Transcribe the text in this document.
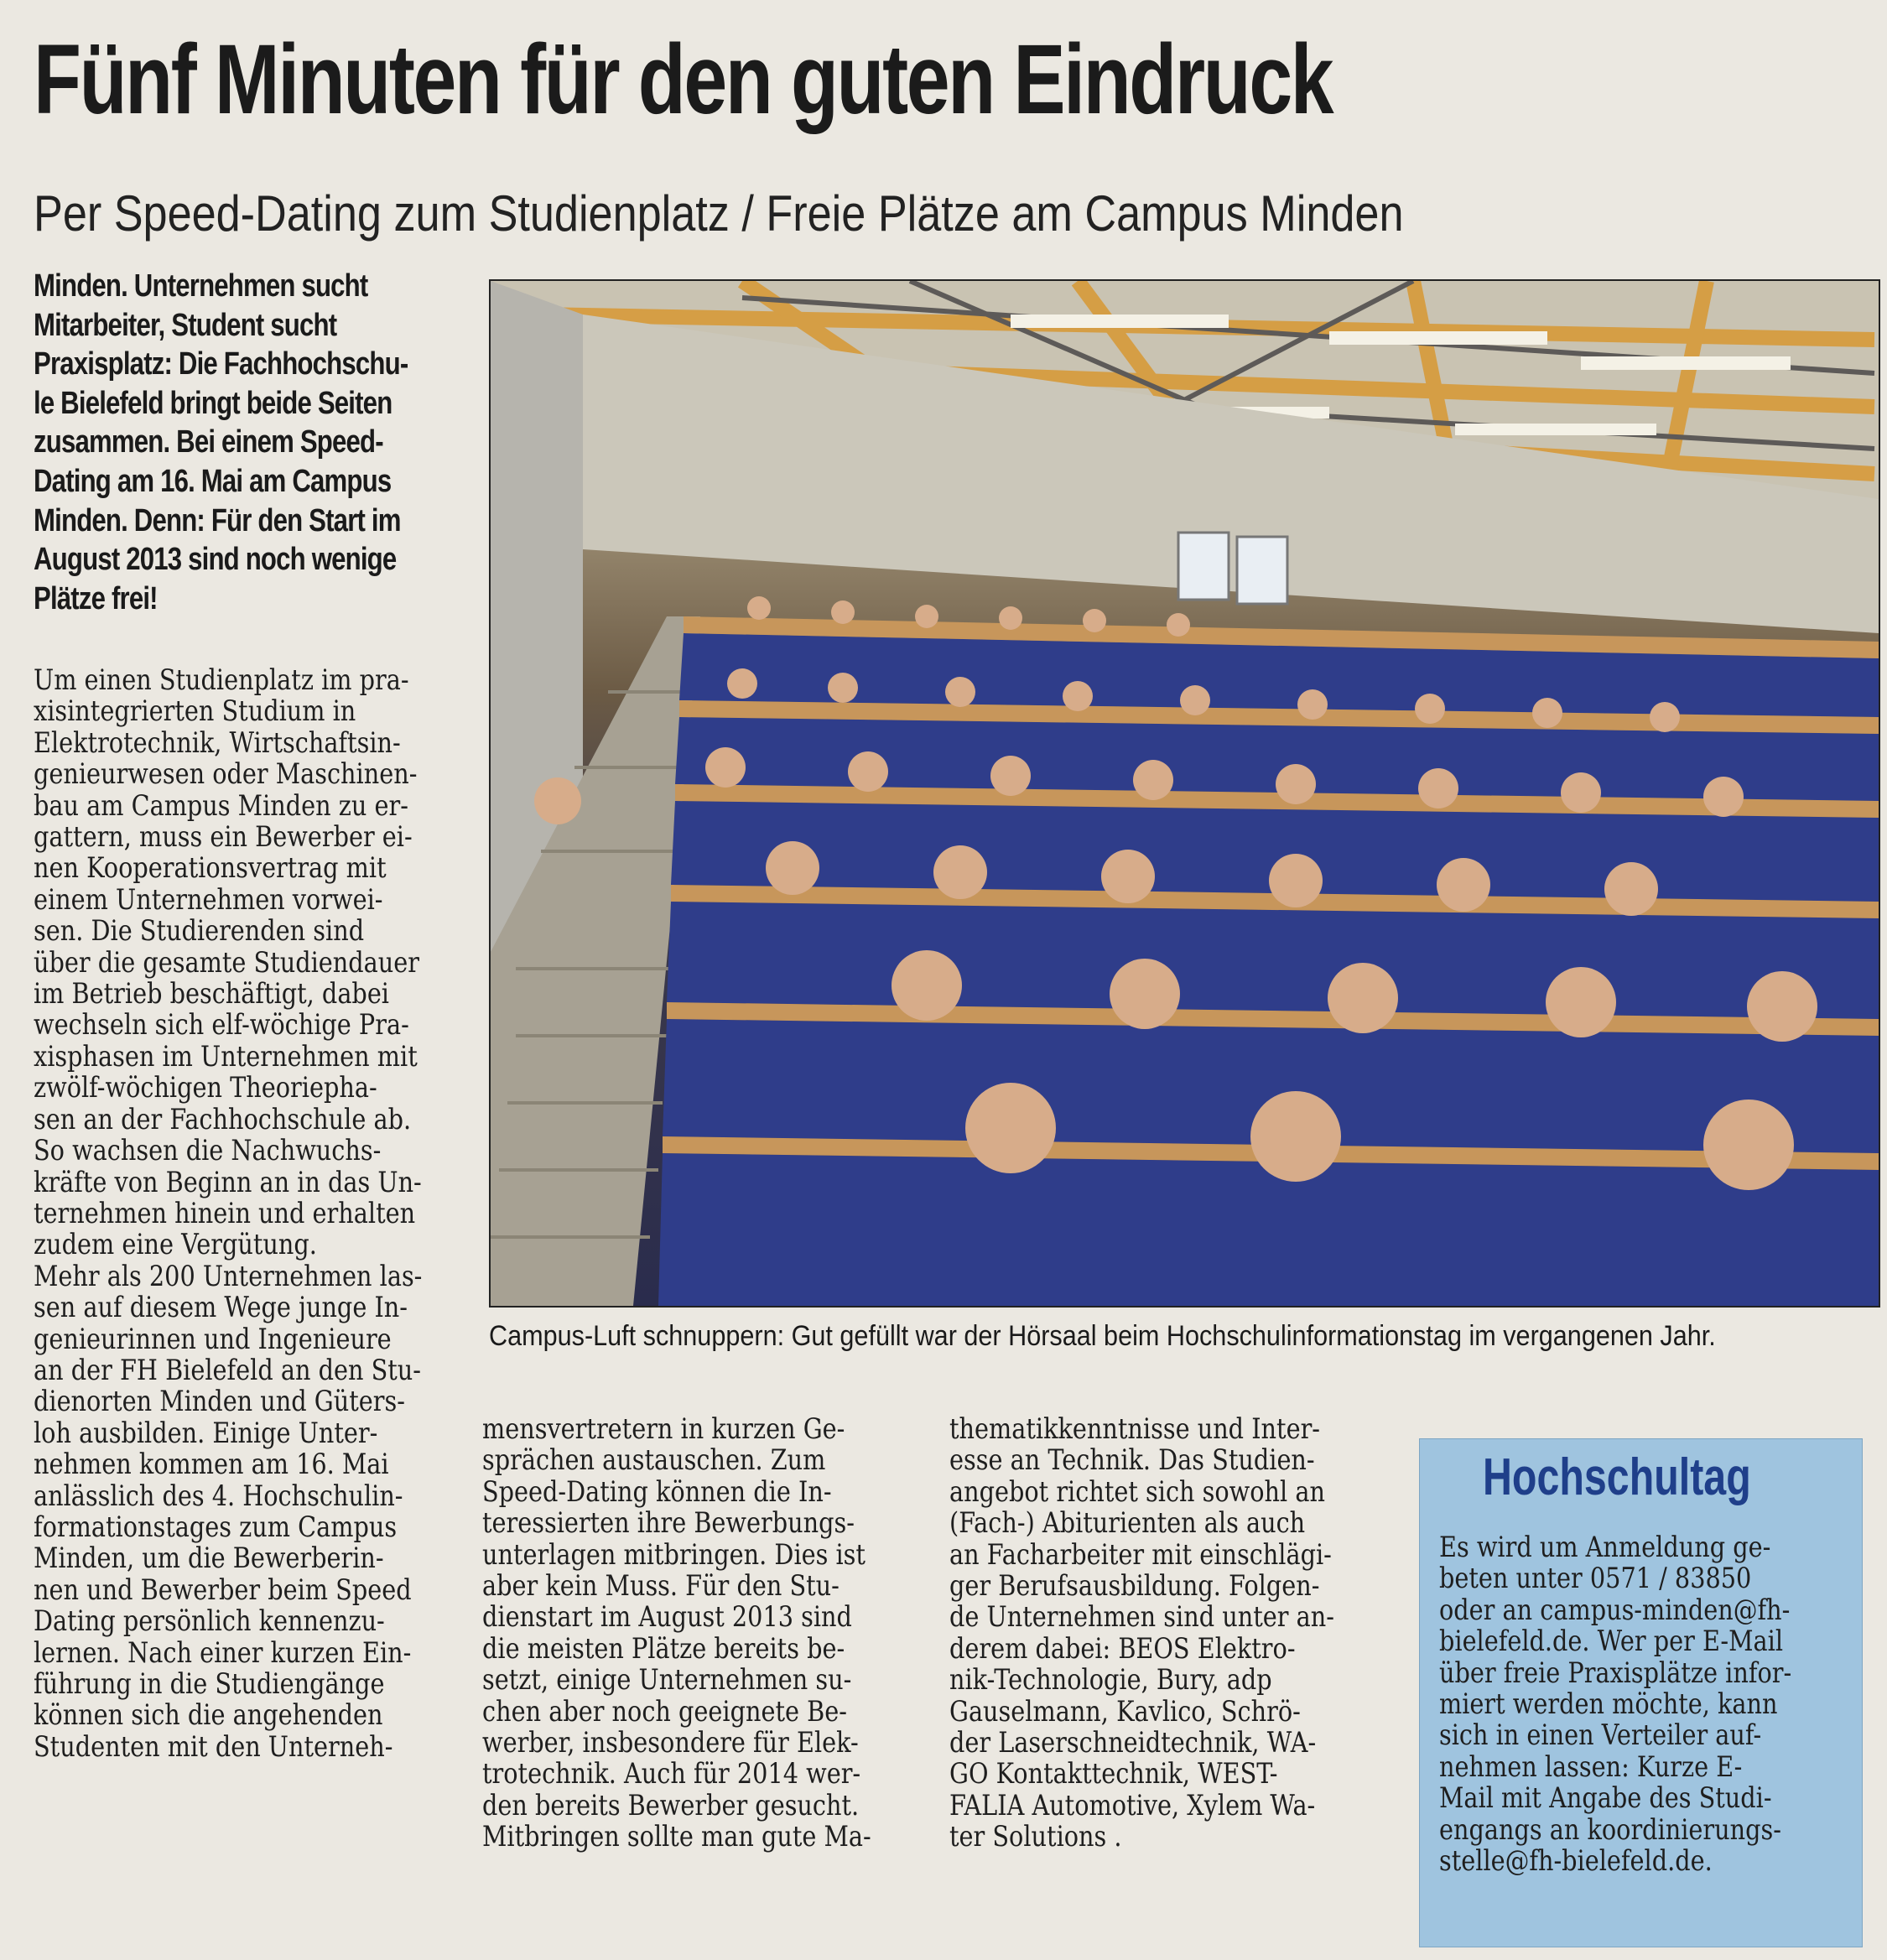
Fünf Minuten für den guten Eindruck
Per Speed-Dating zum Studienplatz / Freie Plätze am Campus Minden
Minden. Unternehmen sucht
Mitarbeiter, Student sucht
Praxisplatz: Die Fachhochschu-
le Bielefeld bringt beide Seiten
zusammen. Bei einem Speed-
Dating am 16. Mai am Campus
Minden. Denn: Für den Start im
August 2013 sind noch wenige
Plätze frei!
Um einen Studienplatz im pra-
xisintegrierten Studium in
Elektrotechnik, Wirtschaftsin-
genieurwesen oder Maschinen-
bau am Campus Minden zu er-
gattern, muss ein Bewerber ei-
nen Kooperationsvertrag mit
einem Unternehmen vorwei-
sen. Die Studierenden sind
über die gesamte Studiendauer
im Betrieb beschäftigt, dabei
wechseln sich elf-wöchige Pra-
xisphasen im Unternehmen mit
zwölf-wöchigen Theoriepha-
sen an der Fachhochschule ab.
So wachsen die Nachwuchs-
kräfte von Beginn an in das Un-
ternehmen hinein und erhalten
zudem eine Vergütung.
Mehr als 200 Unternehmen las-
sen auf diesem Wege junge In-
genieurinnen und Ingenieure
an der FH Bielefeld an den Stu-
dienorten Minden und Güters-
loh ausbilden. Einige Unter-
nehmen kommen am 16. Mai
anlässlich des 4. Hochschulin-
formationstages zum Campus
Minden, um die Bewerberin-
nen und Bewerber beim Speed
Dating persönlich kennenzu-
lernen. Nach einer kurzen Ein-
führung in die Studiengänge
können sich die angehenden
Studenten mit den Unterneh-
Campus-Luft schnuppern: Gut gefüllt war der Hörsaal beim Hochschulinformationstag im vergangenen Jahr.
mensvertretern in kurzen Ge-
sprächen austauschen. Zum
Speed-Dating können die In-
teressierten ihre Bewerbungs-
unterlagen mitbringen. Dies ist
aber kein Muss. Für den Stu-
dienstart im August 2013 sind
die meisten Plätze bereits be-
setzt, einige Unternehmen su-
chen aber noch geeignete Be-
werber, insbesondere für Elek-
trotechnik. Auch für 2014 wer-
den bereits Bewerber gesucht.
Mitbringen sollte man gute Ma-
thematikkenntnisse und Inter-
esse an Technik. Das Studien-
angebot richtet sich sowohl an
(Fach-) Abiturienten als auch
an Facharbeiter mit einschlägi-
ger Berufsausbildung. Folgen-
de Unternehmen sind unter an-
derem dabei: BEOS Elektro-
nik-Technologie, Bury, adp
Gauselmann, Kavlico, Schrö-
der Laserschneidtechnik, WA-
GO Kontakttechnik, WEST-
FALIA Automotive, Xylem Wa-
ter Solutions .
Hochschultag
Es wird um Anmeldung ge-
beten unter 0571 / 83850
oder an campus-minden@fh-
bielefeld.de. Wer per E-Mail
über freie Praxisplätze infor-
miert werden möchte, kann
sich in einen Verteiler auf-
nehmen lassen: Kurze E-
Mail mit Angabe des Studi-
engangs an koordinierungs-
stelle@fh-bielefeld.de.
